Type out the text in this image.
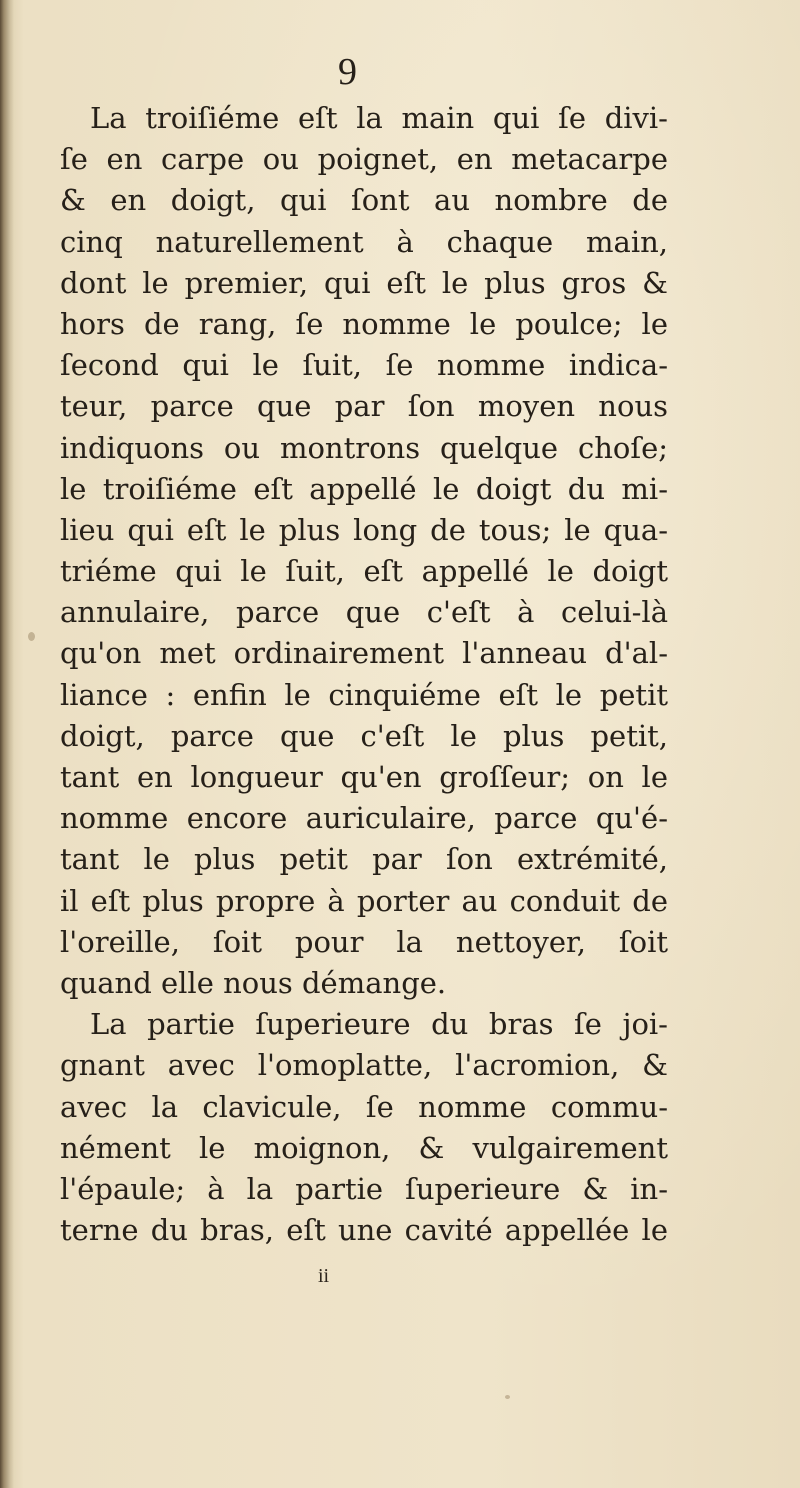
9
La troiſiéme eſt la main qui ſe divi-
ſe en carpe ou poignet, en metacarpe
& en doigt, qui ſont au nombre de
cinq naturellement à chaque main,
dont le premier, qui eſt le plus gros &
hors de rang, ſe nomme le poulce; le
ſecond qui le ſuit, ſe nomme indica-
teur, parce que par ſon moyen nous
indiquons ou montrons quelque choſe;
le troiſiéme eſt appellé le doigt du mi-
lieu qui eſt le plus long de tous; le qua-
triéme qui le ſuit, eſt appellé le doigt
annulaire, parce que c'eſt à celui-là
qu'on met ordinairement l'anneau d'al-
liance : enfin le cinquiéme eſt le petit
doigt, parce que c'eſt le plus petit,
tant en longueur qu'en groſſeur; on le
nomme encore auriculaire, parce qu'é-
tant le plus petit par ſon extrémité,
il eſt plus propre à porter au conduit de
l'oreille, ſoit pour la nettoyer, ſoit
quand elle nous démange.
La partie ſuperieure du bras ſe joi-
gnant avec l'omoplatte, l'acromion, &
avec la clavicule, ſe nomme commu-
nément le moignon, & vulgairement
l'épaule; à la partie ſuperieure & in-
terne du bras, eſt une cavité appellée le
ii
